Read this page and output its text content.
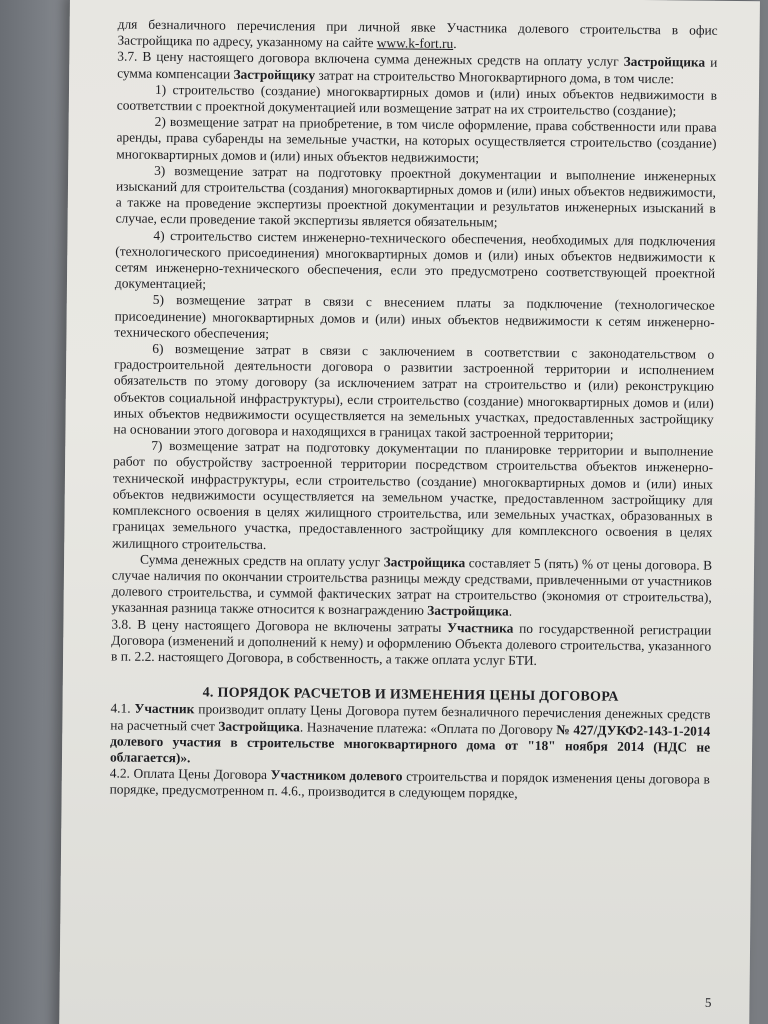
для безналичного перечисления при личной явке Участника долевого строительства в офис Застройщика по адресу, указанному на сайте www.k-fort.ru.

3.7. В цену настоящего договора включена сумма денежных средств на оплату услуг Застройщика и сумма компенсации Застройщику затрат на строительство Многоквартирного дома, в том числе:

1) строительство (создание) многоквартирных домов и (или) иных объектов недвижимости в соответствии с проектной документацией или возмещение затрат на их строительство (создание);

2) возмещение затрат на приобретение, в том числе оформление, права собственности или права аренды, права субаренды на земельные участки, на которых осуществляется строительство (создание) многоквартирных домов и (или) иных объектов недвижимости;

3) возмещение затрат на подготовку проектной документации и выполнение инженерных изысканий для строительства (создания) многоквартирных домов и (или) иных объектов недвижимости, а также на проведение экспертизы проектной документации и результатов инженерных изысканий в случае, если проведение такой экспертизы является обязательным;

4) строительство систем инженерно-технического обеспечения, необходимых для подключения (технологического присоединения) многоквартирных домов и (или) иных объектов недвижимости к сетям инженерно-технического обеспечения, если это предусмотрено соответствующей проектной документацией;

5) возмещение затрат в связи с внесением платы за подключение (технологическое присоединение) многоквартирных домов и (или) иных объектов недвижимости к сетям инженерно-технического обеспечения;

6) возмещение затрат в связи с заключением в соответствии с законодательством о градостроительной деятельности договора о развитии застроенной территории и исполнением обязательств по этому договору (за исключением затрат на строительство и (или) реконструкцию объектов социальной инфраструктуры), если строительство (создание) многоквартирных домов и (или) иных объектов недвижимости осуществляется на земельных участках, предоставленных застройщику на основании этого договора и находящихся в границах такой застроенной территории;

7) возмещение затрат на подготовку документации по планировке территории и выполнение работ по обустройству застроенной территории посредством строительства объектов инженерно-технической инфраструктуры, если строительство (создание) многоквартирных домов и (или) иных объектов недвижимости осуществляется на земельном участке, предоставленном застройщику для комплексного освоения в целях жилищного строительства, или земельных участках, образованных в границах земельного участка, предоставленного застройщику для комплексного освоения в целях жилищного строительства.

Сумма денежных средств на оплату услуг Застройщика составляет 5 (пять) % от цены договора. В случае наличия по окончании строительства разницы между средствами, привлеченными от участников долевого строительства, и суммой фактических затрат на строительство (экономия от строительства), указанная разница также относится к вознаграждению Застройщика.

3.8. В цену настоящего Договора не включены затраты Участника по государственной регистрации Договора (изменений и дополнений к нему) и оформлению Объекта долевого строительства, указанного в п. 2.2. настоящего Договора, в собственность, а также оплата услуг БТИ.

4. ПОРЯДОК РАСЧЕТОВ И ИЗМЕНЕНИЯ ЦЕНЫ ДОГОВОРА

4.1. Участник производит оплату Цены Договора путем безналичного перечисления денежных средств на расчетный счет Застройщика. Назначение платежа: «Оплата по Договору № 427/ДУКФ2-143-1-2014 долевого участия в строительстве многоквартирного дома от "18" ноября 2014 (НДС не облагается)».

4.2. Оплата Цены Договора Участником долевого строительства и порядок изменения цены договора в порядке, предусмотренном п. 4.6., производится в следующем порядке,

5
